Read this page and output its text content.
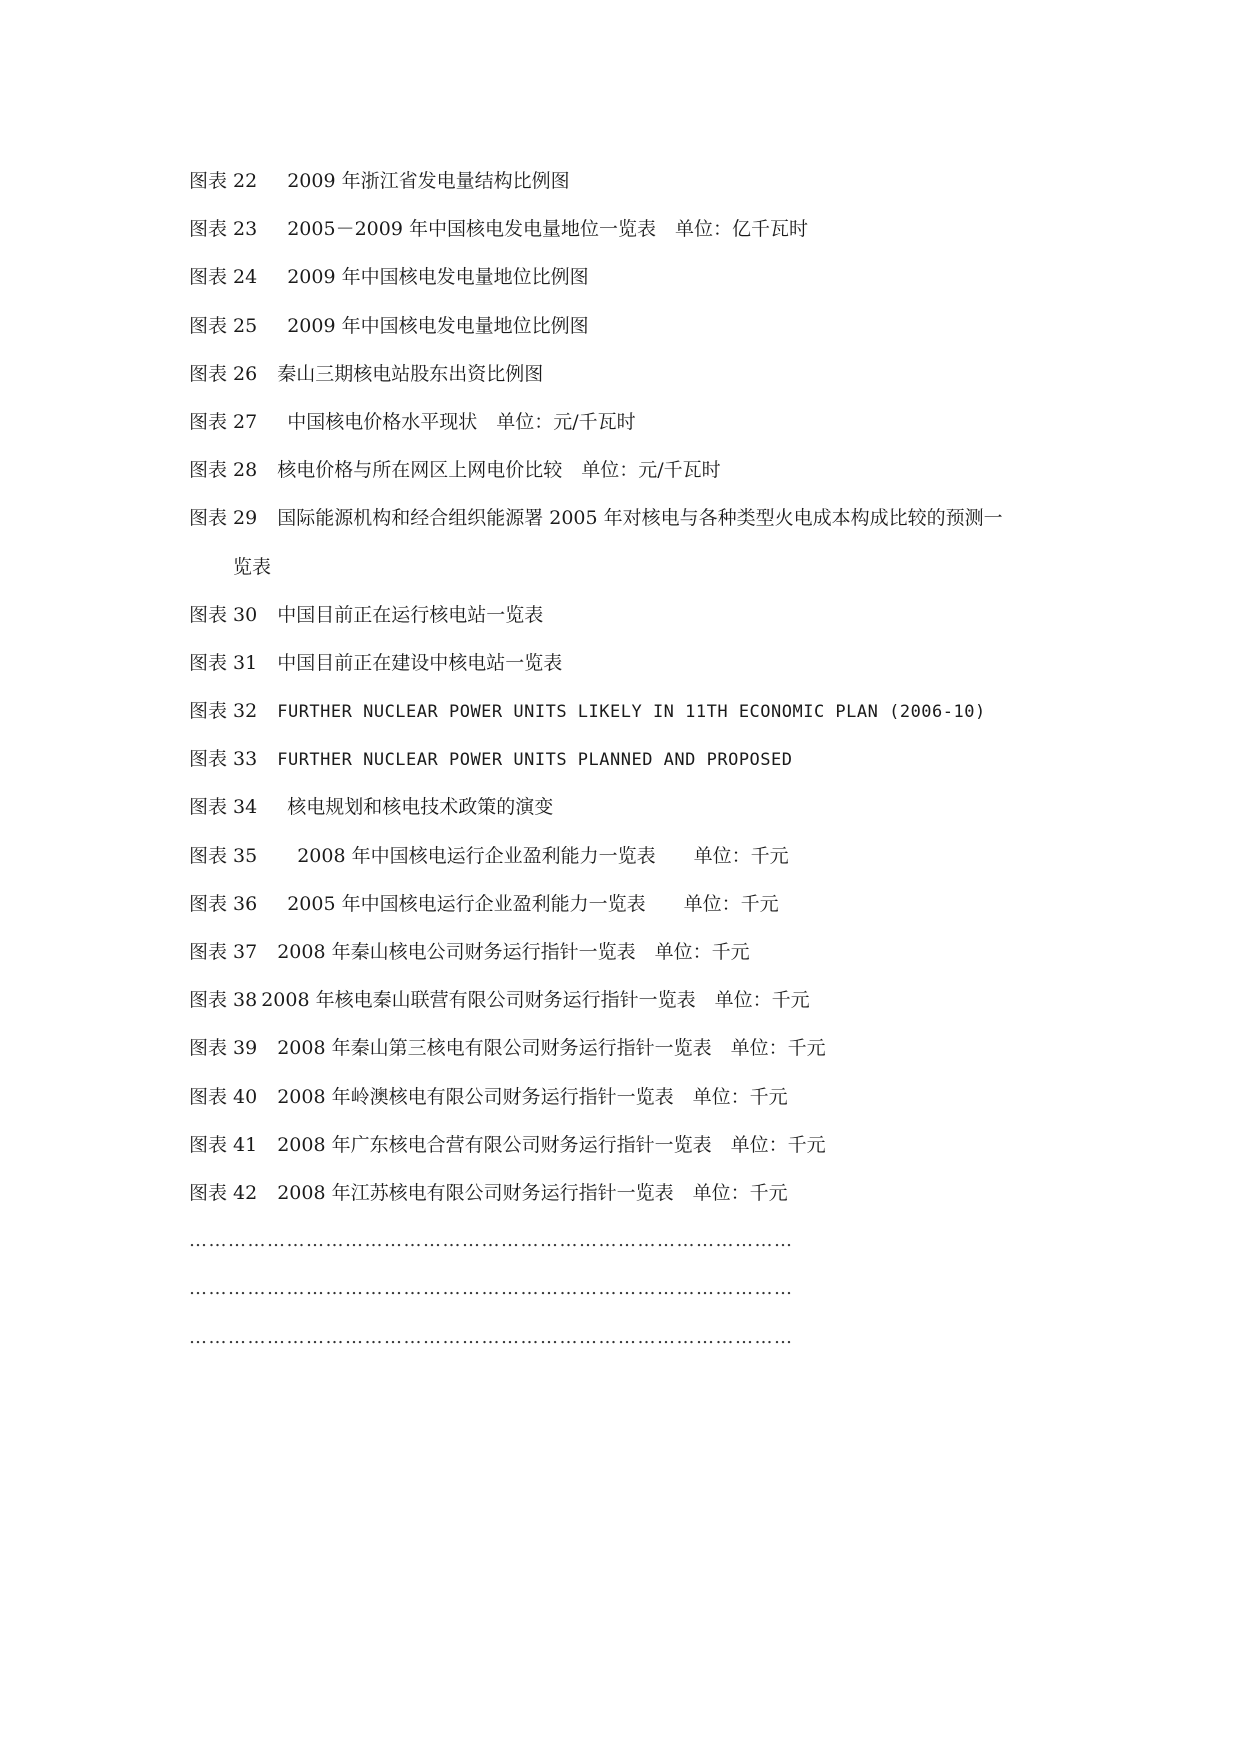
图表 22 2009 年浙江省发电量结构比例图
图表 23 2005－2009 年中国核电发电量地位一览表　单位：亿千瓦时
图表 24 2009 年中国核电发电量地位比例图
图表 25 2009 年中国核电发电量地位比例图
图表 26 秦山三期核电站股东出资比例图
图表 27 中国核电价格水平现状　单位：元/千瓦时
图表 28 核电价格与所在网区上网电价比较　单位：元/千瓦时
图表 29 国际能源机构和经合组织能源署 2005 年对核电与各种类型火电成本构成比较的预测一
览表
图表 30 中国目前正在运行核电站一览表
图表 31 中国目前正在建设中核电站一览表
图表 32 FURTHER NUCLEAR POWER UNITS LIKELY IN 11TH ECONOMIC PLAN (2006-10)
图表 33 FURTHER NUCLEAR POWER UNITS PLANNED AND PROPOSED
图表 34 核电规划和核电技术政策的演变
图表 35 2008 年中国核电运行企业盈利能力一览表　　单位：千元
图表 36 2005 年中国核电运行企业盈利能力一览表　　单位：千元
图表 37 2008 年秦山核电公司财务运行指针一览表　单位：千元
图表 38 2008 年核电秦山联营有限公司财务运行指针一览表　单位：千元
图表 39 2008 年秦山第三核电有限公司财务运行指针一览表　单位：千元
图表 40 2008 年岭澳核电有限公司财务运行指针一览表　单位：千元
图表 41 2008 年广东核电合营有限公司财务运行指针一览表　单位：千元
图表 42 2008 年江苏核电有限公司财务运行指针一览表　单位：千元
…………………………………………………………………………………
…………………………………………………………………………………
…………………………………………………………………………………
